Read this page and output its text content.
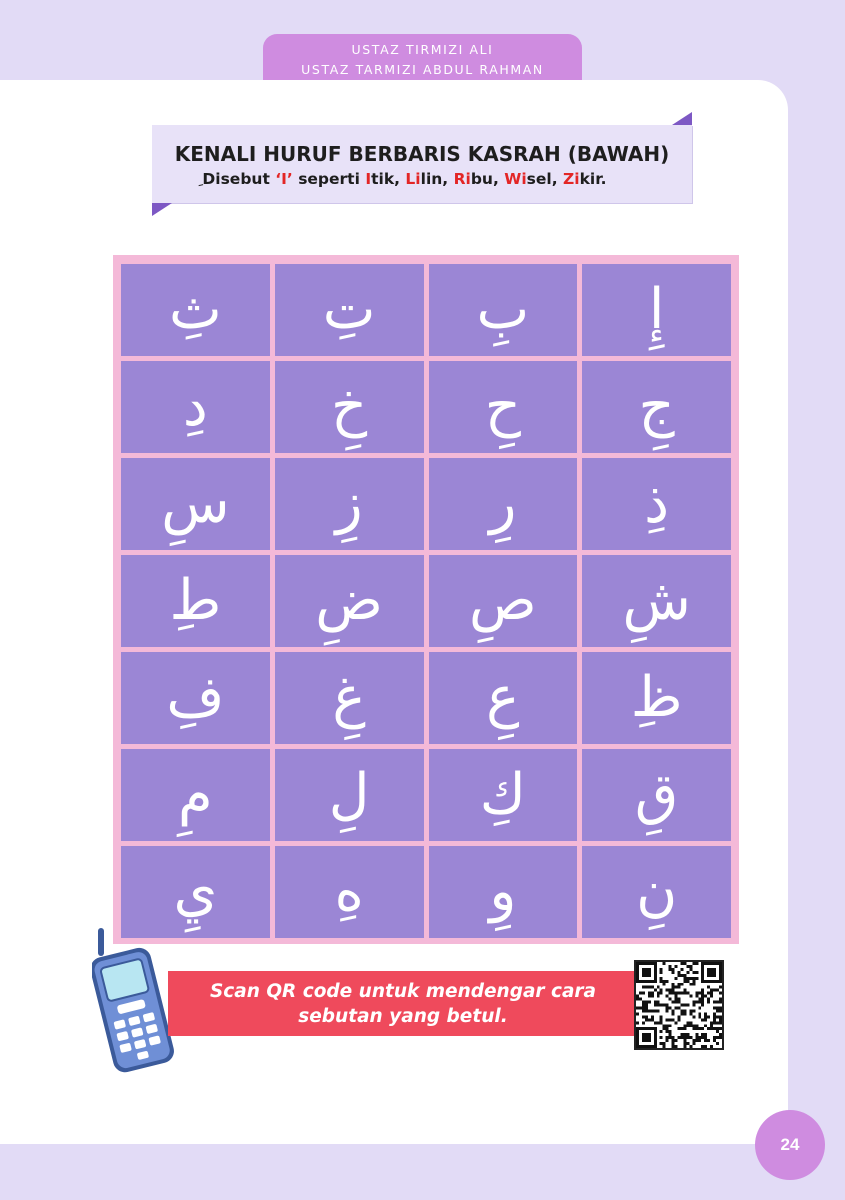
USTAZ TIRMIZI ALI
USTAZ TARMIZI ABDUL RAHMAN
KENALI HURUF BERBARIS KASRAH (BAWAH)
Disebut ‘I’ seperti Itik, Lilin, Ribu, Wisel, Zikir.
ثِ	تِ	بِ	إِ
دِ	خِ	حِ	جِ
سِ	زِ	رِ	ذِ
طِ	ضِ	صِ	شِ
فِ	غِ	عِ	ظِ
مِ	لِ	كِ	قِ
يِ	هِ	وِ	نِ
Scan QR code untuk mendengar cara
sebutan yang betul.
24
